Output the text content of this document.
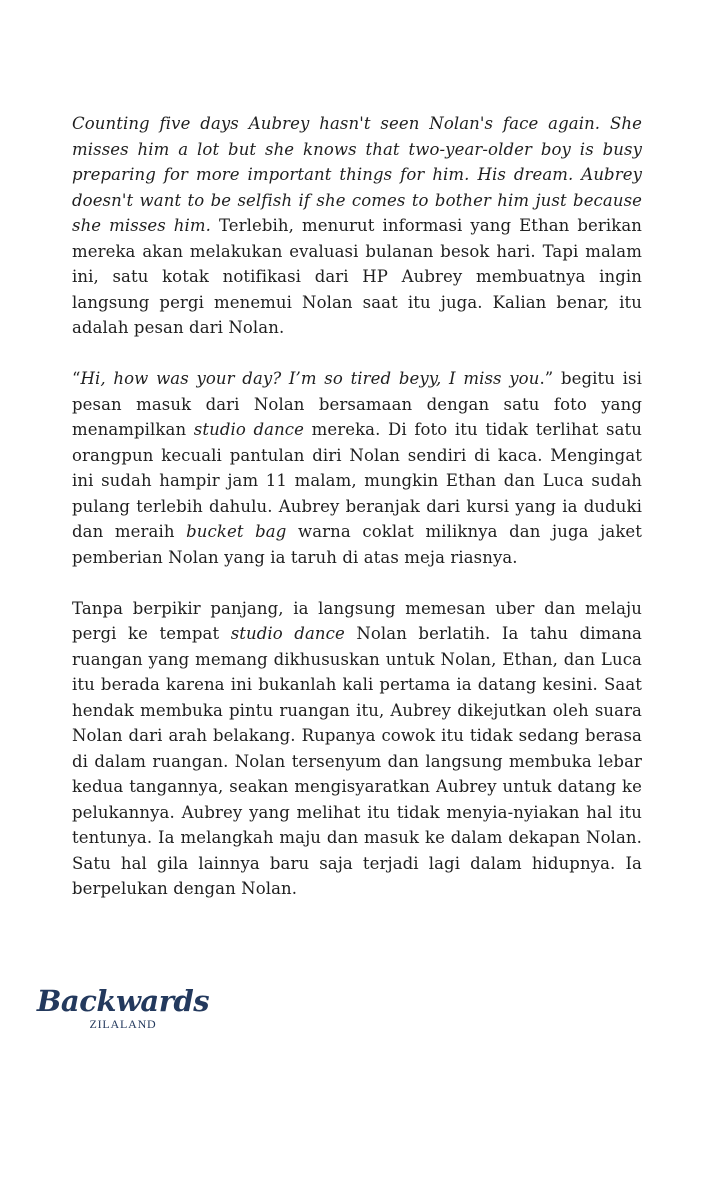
Counting five days Aubrey hasn't seen Nolan's face again. She misses him a lot but she knows that two-year-older boy is busy preparing for more important things for him. His dream. Aubrey doesn't want to be selfish if she comes to bother him just because she misses him. Terlebih, menurut informasi yang Ethan berikan mereka akan melakukan evaluasi bulanan besok hari. Tapi malam ini, satu kotak notifikasi dari HP Aubrey membuatnya ingin langsung pergi menemui Nolan saat itu juga. Kalian benar, itu adalah pesan dari Nolan.

“Hi, how was your day? I’m so tired beyy, I miss you.” begitu isi pesan masuk dari Nolan bersamaan dengan satu foto yang menampilkan studio dance mereka. Di foto itu tidak terlihat satu orangpun kecuali pantulan diri Nolan sendiri di kaca. Mengingat ini sudah hampir jam 11 malam, mungkin Ethan dan Luca sudah pulang terlebih dahulu. Aubrey beranjak dari kursi yang ia duduki dan meraih bucket bag warna coklat miliknya dan juga jaket pemberian Nolan yang ia taruh di atas meja riasnya.

Tanpa berpikir panjang, ia langsung memesan uber dan melaju pergi ke tempat studio dance Nolan berlatih. Ia tahu dimana ruangan yang memang dikhususkan untuk Nolan, Ethan, dan Luca itu berada karena ini bukanlah kali pertama ia datang kesini. Saat hendak membuka pintu ruangan itu, Aubrey dikejutkan oleh suara Nolan dari arah belakang. Rupanya cowok itu tidak sedang berasa di dalam ruangan. Nolan tersenyum dan langsung membuka lebar kedua tangannya, seakan mengisyaratkan Aubrey untuk datang ke pelukannya. Aubrey yang melihat itu tidak menyia-nyiakan hal itu tentunya. Ia melangkah maju dan masuk ke dalam dekapan Nolan. Satu hal gila lainnya baru saja terjadi lagi dalam hidupnya. Ia berpelukan dengan Nolan.

Backwards
ZILALAND
